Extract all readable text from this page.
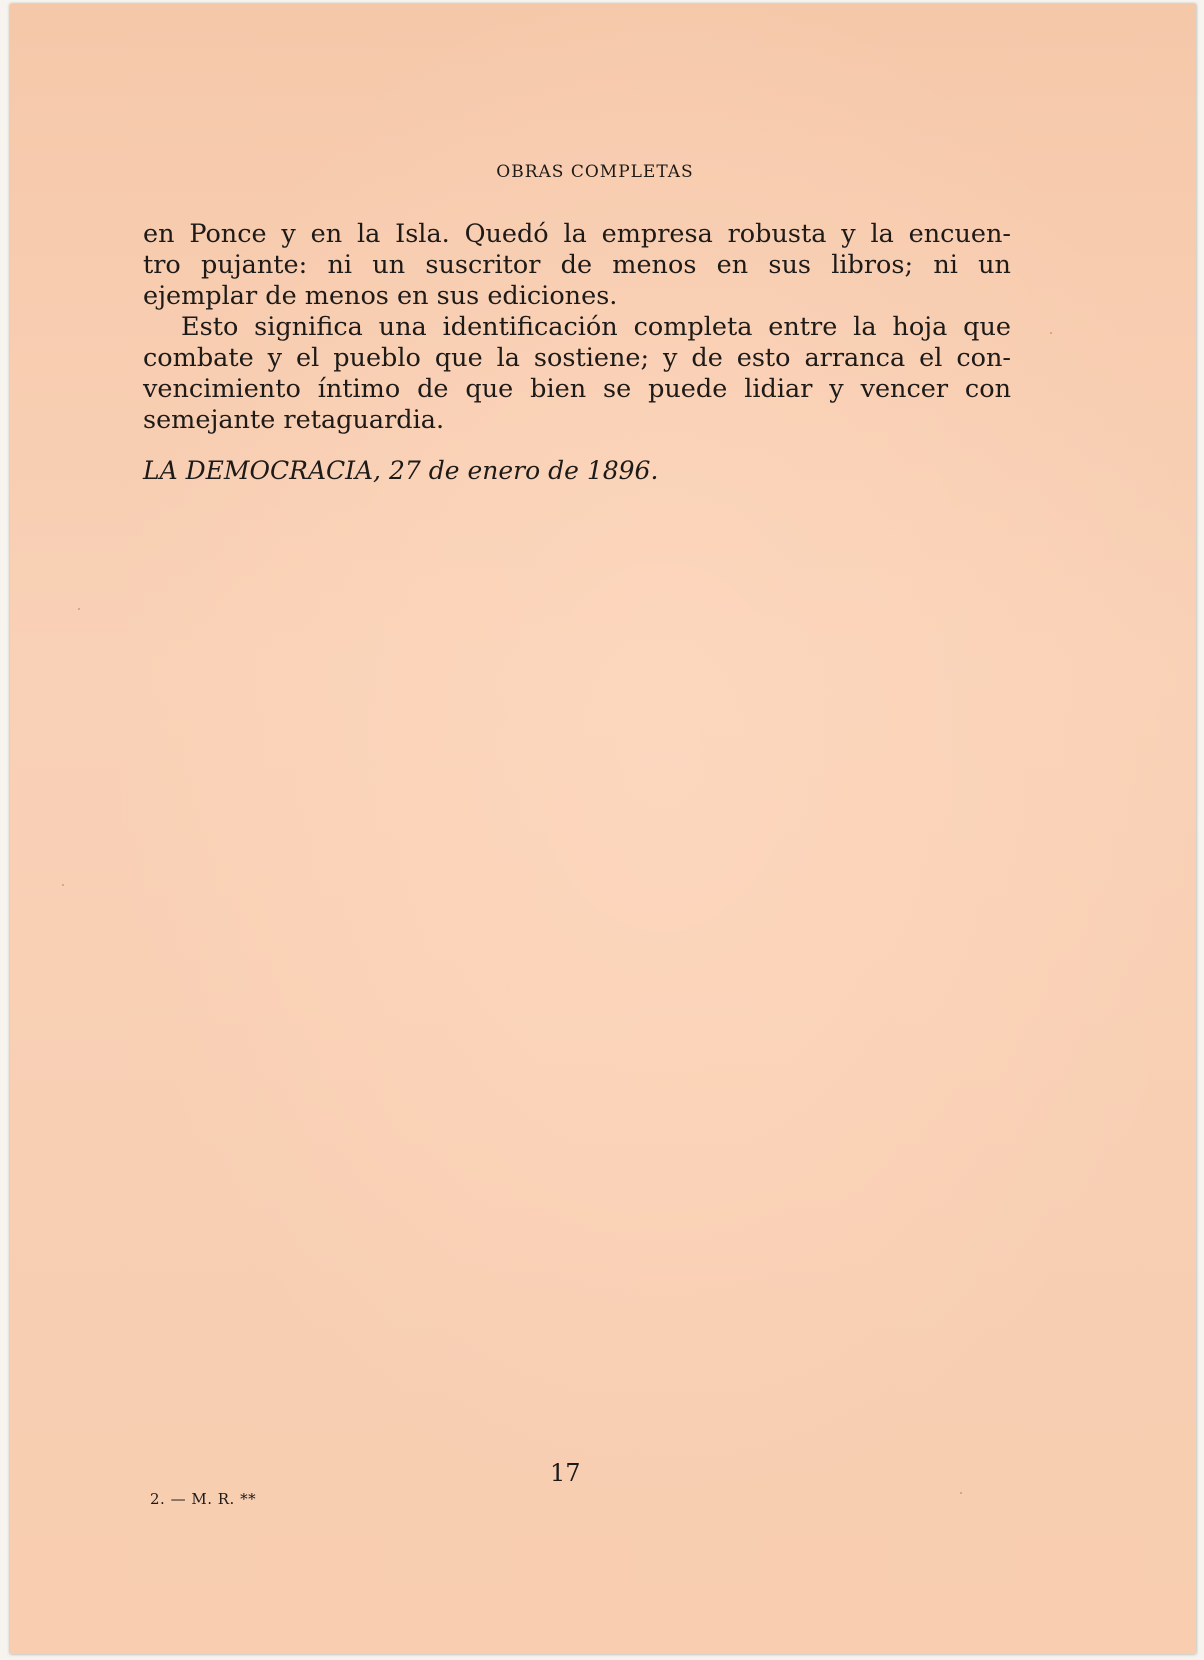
OBRAS COMPLETAS
en Ponce y en la Isla. Quedó la empresa robusta y la encuen-
tro pujante: ni un suscritor de menos en sus libros; ni un
ejemplar de menos en sus ediciones.
Esto significa una identificación completa entre la hoja que
combate y el pueblo que la sostiene; y de esto arranca el con-
vencimiento íntimo de que bien se puede lidiar y vencer con
semejante retaguardia.
LA DEMOCRACIA, 27 de enero de 1896.
17
2. — M. R. **
